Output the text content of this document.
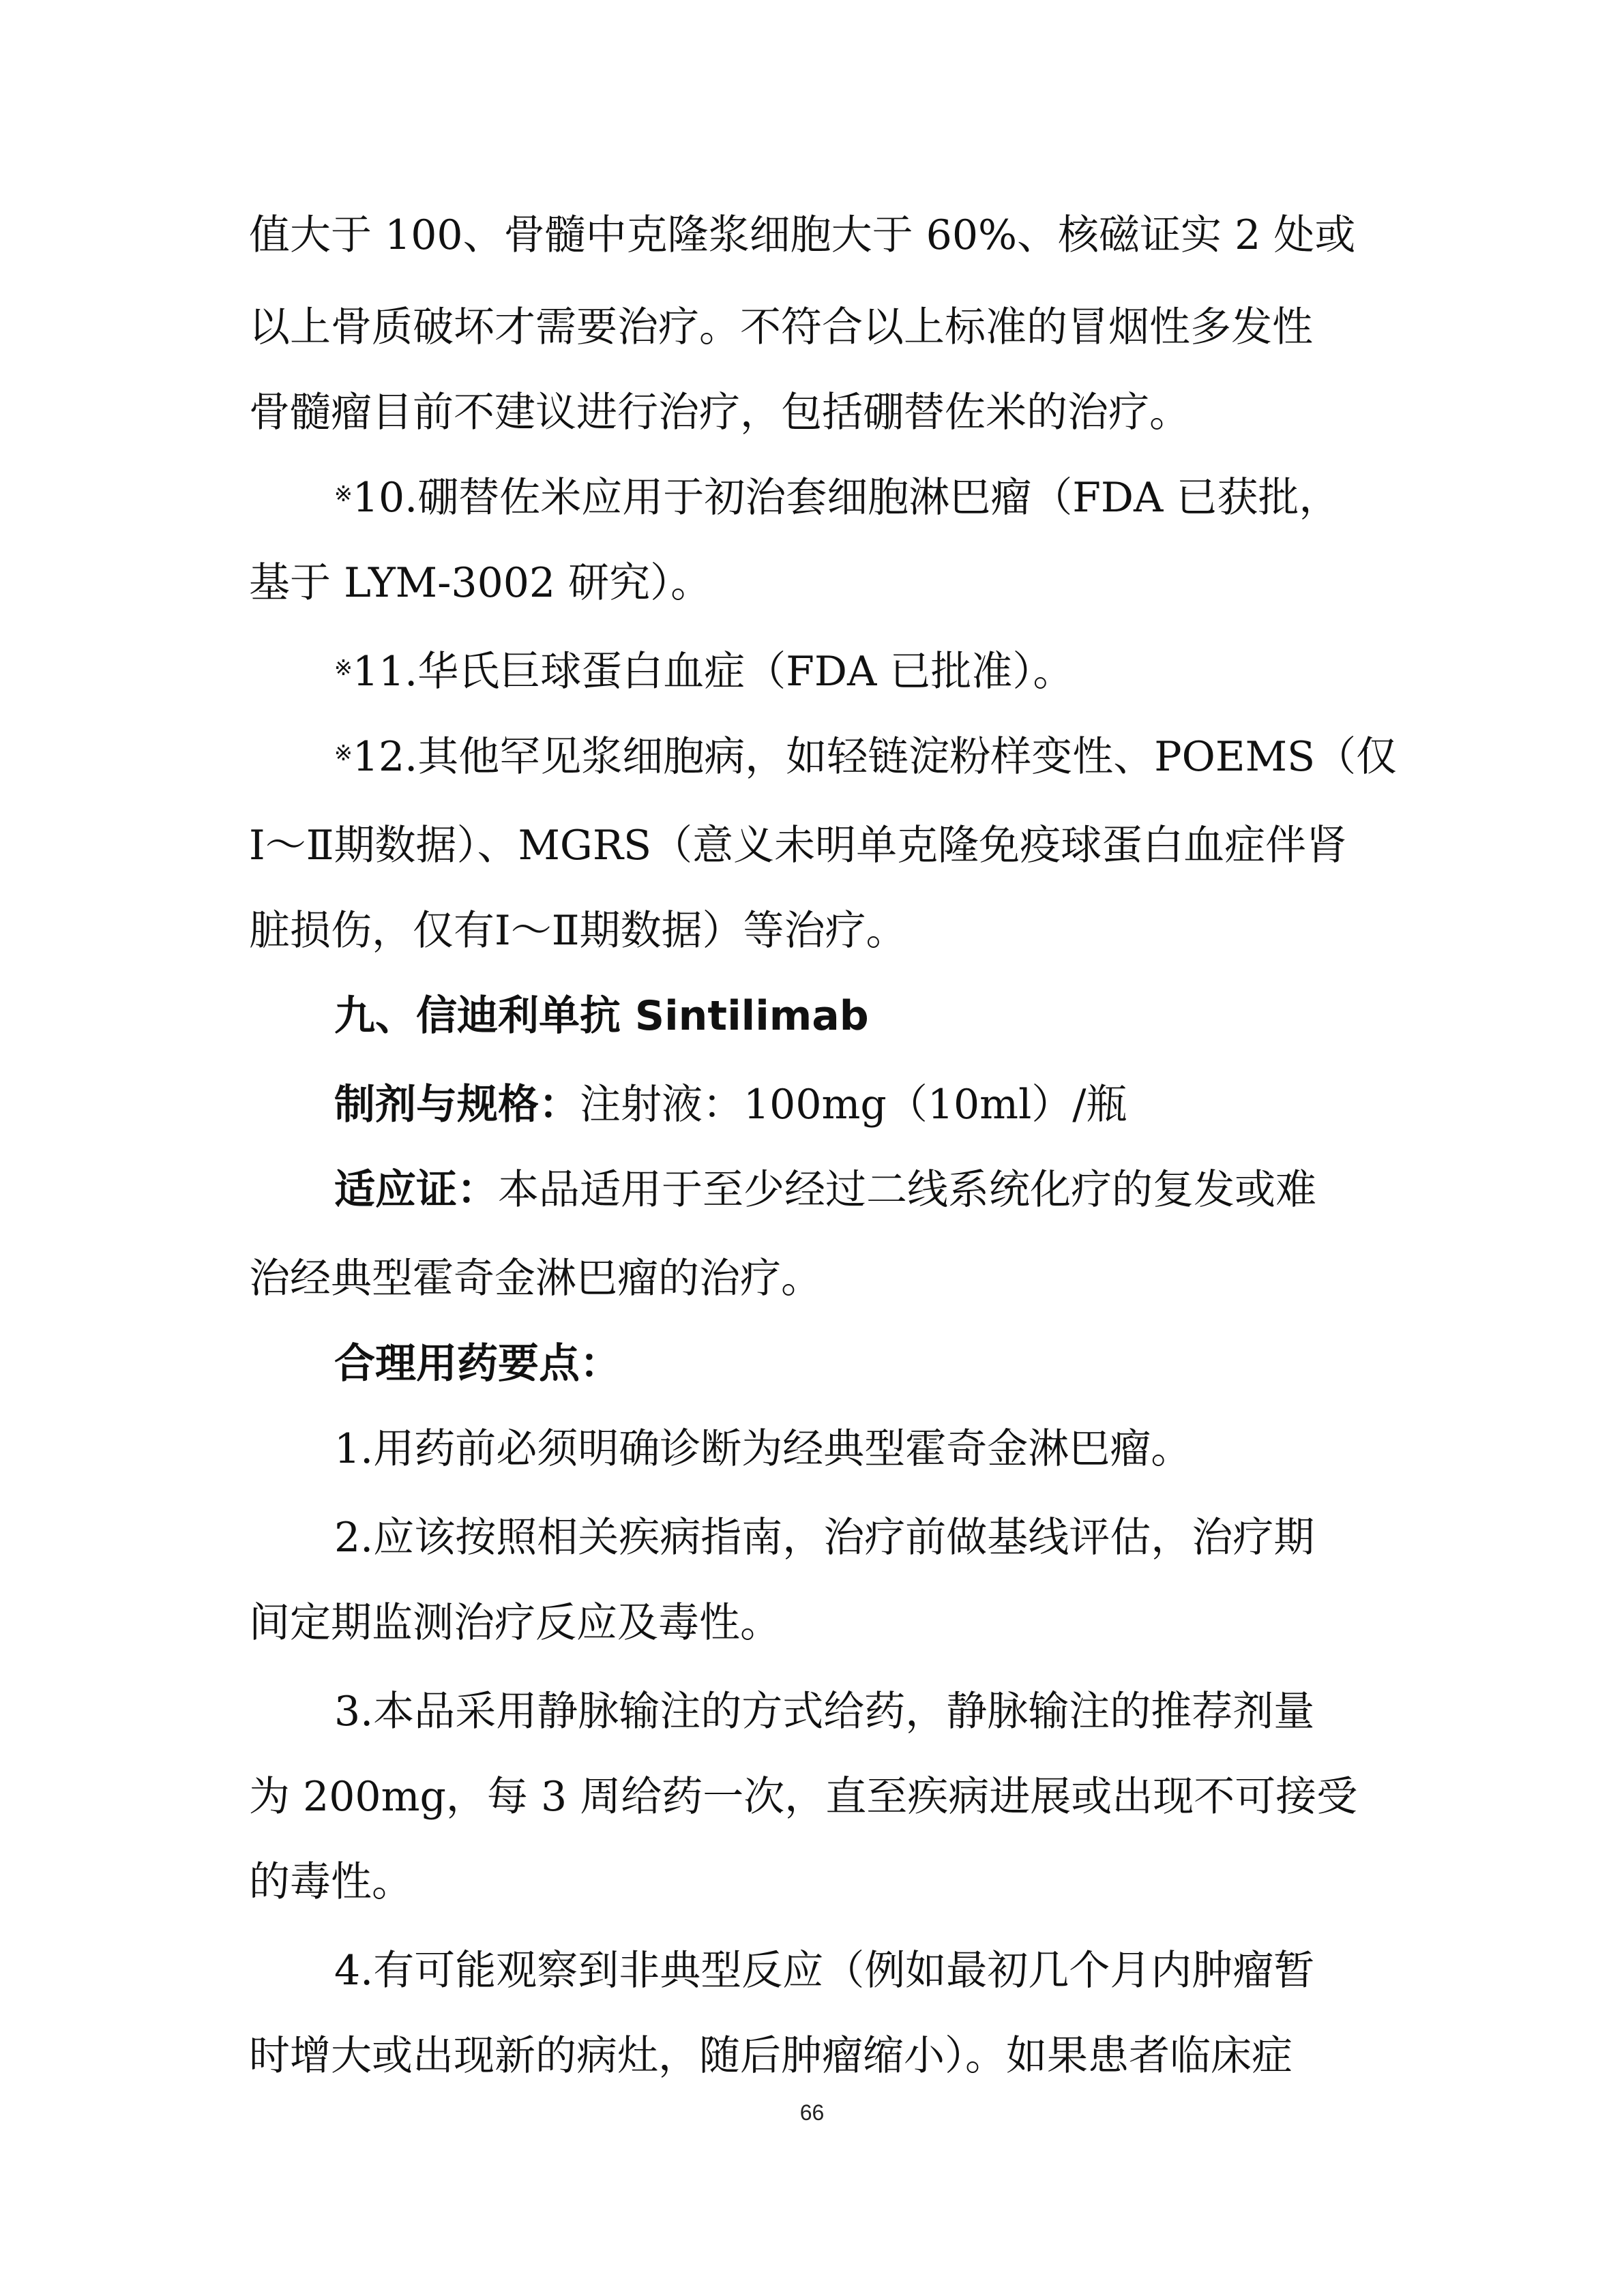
值大于 100、骨髓中克隆浆细胞大于 60%、核磁证实 2 处或
以上骨质破坏才需要治疗。不符合以上标准的冒烟性多发性
骨髓瘤目前不建议进行治疗，包括硼替佐米的治疗。
※10.硼替佐米应用于初治套细胞淋巴瘤（FDA 已获批，
基于 LYM-3002 研究）。
※11.华氏巨球蛋白血症（FDA 已批准）。
※12.其他罕见浆细胞病，如轻链淀粉样变性、POEMS（仅
Ⅰ～Ⅱ期数据）、MGRS（意义未明单克隆免疫球蛋白血症伴肾
脏损伤，仅有Ⅰ～Ⅱ期数据）等治疗。
九、信迪利单抗 Sintilimab
制剂与规格：注射液：100mg（10ml）/瓶
适应证：本品适用于至少经过二线系统化疗的复发或难
治经典型霍奇金淋巴瘤的治疗。
合理用药要点：
1.用药前必须明确诊断为经典型霍奇金淋巴瘤。
2.应该按照相关疾病指南，治疗前做基线评估，治疗期
间定期监测治疗反应及毒性。
3.本品采用静脉输注的方式给药，静脉输注的推荐剂量
为 200mg，每 3 周给药一次，直至疾病进展或出现不可接受
的毒性。
4.有可能观察到非典型反应（例如最初几个月内肿瘤暂
时增大或出现新的病灶，随后肿瘤缩小）。如果患者临床症
66
